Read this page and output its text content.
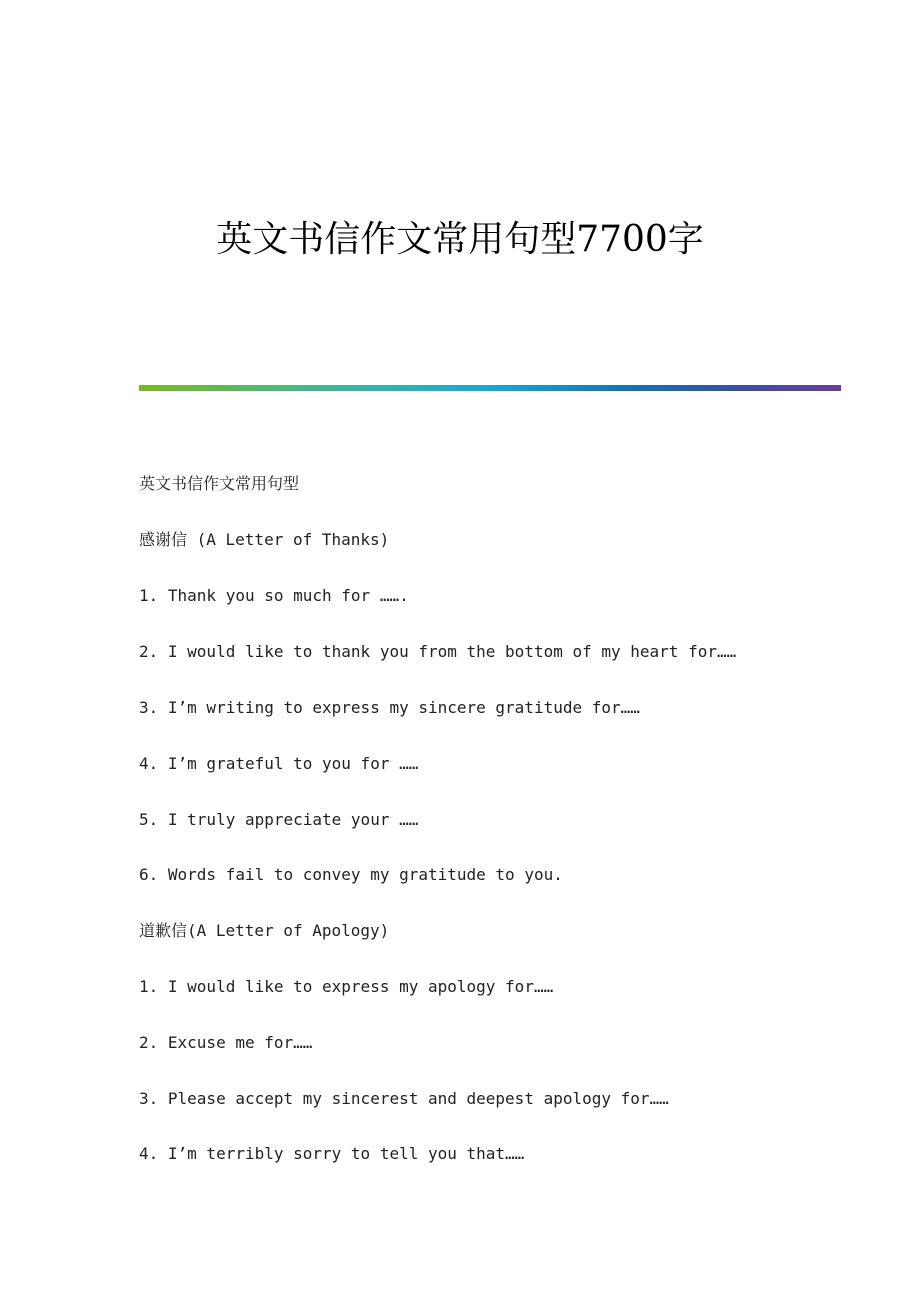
英文书信作文常用句型7700字

英文书信作文常用句型

感谢信 (A Letter of Thanks)

1. Thank you so much for …….

2. I would like to thank you from the bottom of my heart for……

3. I’m writing to express my sincere gratitude for……

4. I’m grateful to you for ……

5. I truly appreciate your ……

6. Words fail to convey my gratitude to you.

道歉信(A Letter of Apology)

1. I would like to express my apology for……

2. Excuse me for……

3. Please accept my sincerest and deepest apology for……

4. I’m terribly sorry to tell you that……
